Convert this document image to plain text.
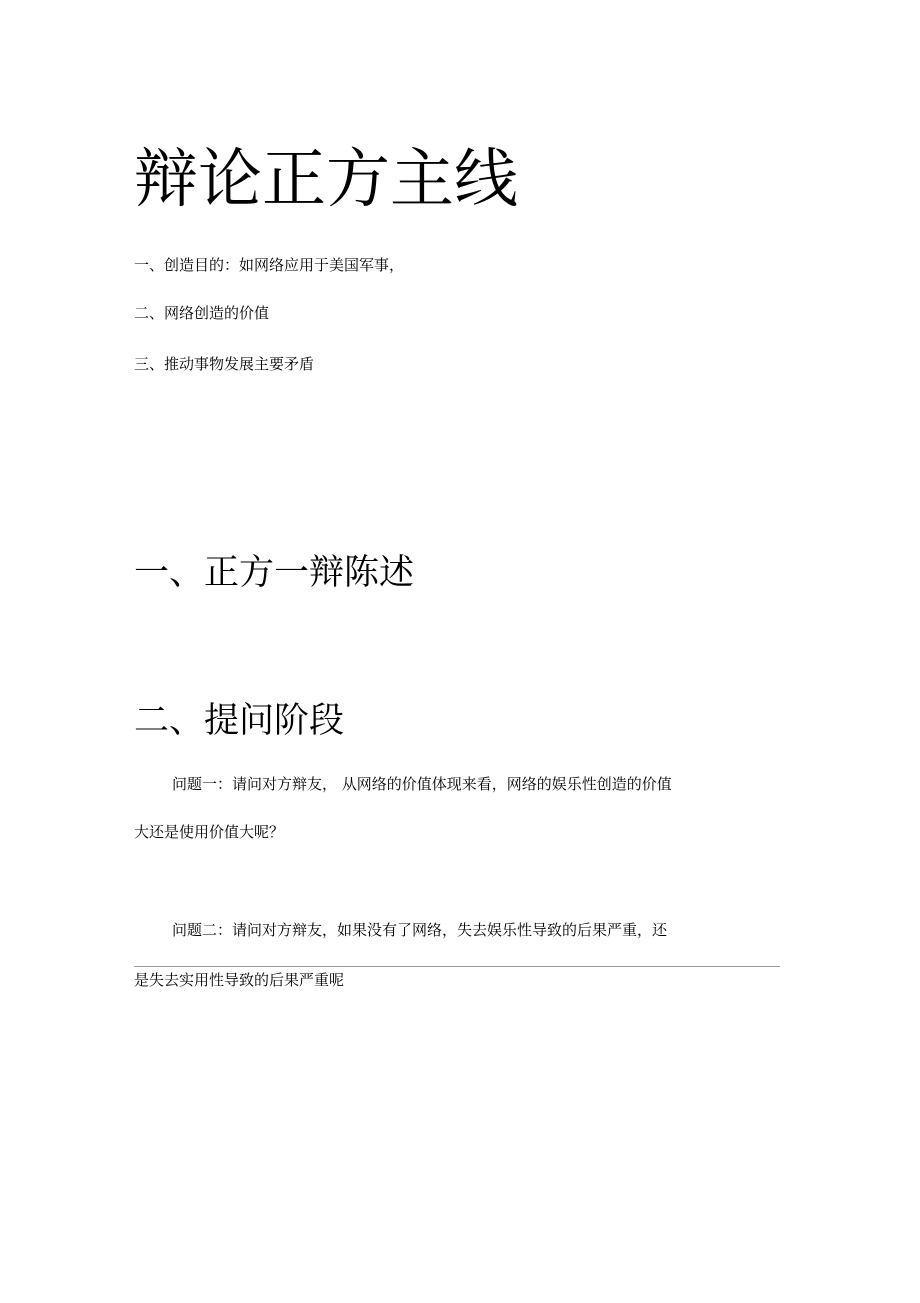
辩论正方主线
一、创造目的：如网络应用于美国军事，
二、网络创造的价值
三、推动事物发展主要矛盾
一、正方一辩陈述
二、提问阶段
问题一：请问对方辩友， 从网络的价值体现来看，网络的娱乐性创造的价值
大还是使用价值大呢？
问题二：请问对方辩友，如果没有了网络，失去娱乐性导致的后果严重，还
是失去实用性导致的后果严重呢
